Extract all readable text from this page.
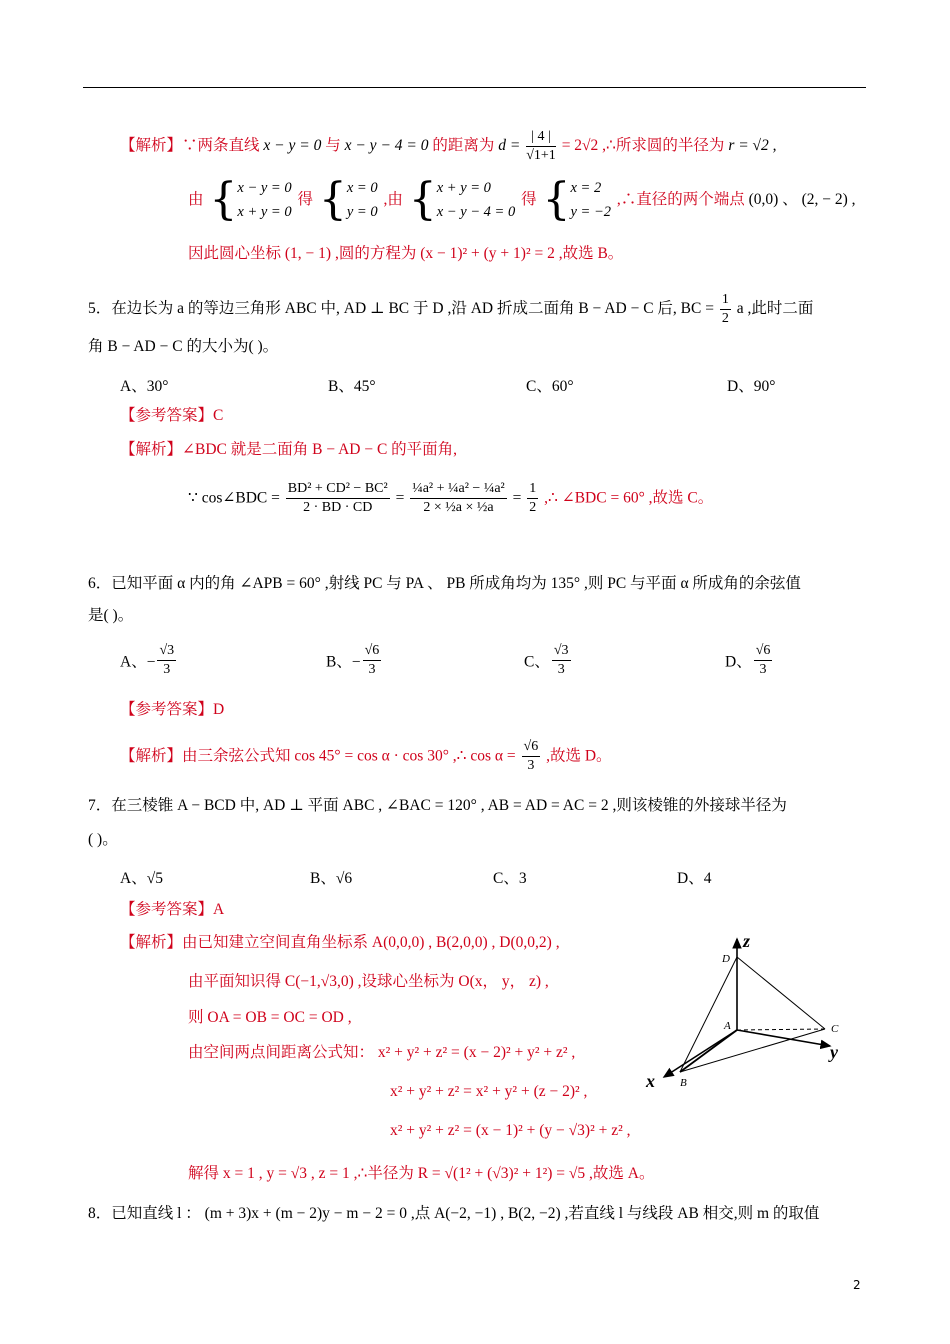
【解析】∵两条直线 x − y = 0 与 x − y − 4 = 0 的距离为 $d = \frac{| 4 |}{√1+1} = 2√2$ ,∴所求圆的半径为 r = √2 ,
由 { x − y = 0
x + y = 0
得 { x = 0
y = 0
,由 { x + y = 0
x − y − 4 = 0
得 { x = 2
y = −2
,∴直径的两个端点 (0,0) 、 (2, − 2) ,
因此圆心坐标 (1, − 1) ,圆的方程为 (x − 1)² + (y + 1)² = 2 ,故选 B。
5．在边长为 a 的等边三角形 ABC 中, AD ⊥ BC 于 D ,沿 AD 折成二面角 B − AD − C 后, BC = $\frac{1}{2}$ a ,此时二面
角 B − AD − C 的大小为( )。
A、30°	B、45°	C、60°	D、90°
【参考答案】C
【解析】∠BDC 就是二面角 B − AD − C 的平面角,
∵ cos∠BDC = $\frac{\text{BD² + CD² − BC²}}{2 \cdot BD \cdot CD} = \frac{\text{¼a² + ¼a² − ¼a²}}{\text{2 × ½a × ½a}} = \frac{1}{2}$ ,∴ ∠BDC = 60° ,故选 C。
6．已知平面 α 内的角 ∠APB = 60° ,射线 PC 与 PA 、 PB 所成角均为 135° ,则 PC 与平面 α 所成角的余弦值
是( )。
A、− $\frac{√3}{3}$	B、− $\frac{√6}{3}$	C、 $\frac{√3}{3}$	D、 $\frac{√6}{3}$
【参考答案】D
【解析】由三余弦公式知 cos 45° = cos α · cos 30° ,∴ $\cos \alpha = \frac{√6}{3}$ ,故选 D。
7．在三棱锥 A − BCD 中, AD ⊥ 平面 ABC , ∠BAC = 120° , AB = AD = AC = 2 ,则该棱锥的外接球半径为
( )。
A、√5	B、√6	C、3	D、4
【参考答案】A
【解析】由已知建立空间直角坐标系 A(0,0,0) , B(2,0,0) , D(0,0,2) ,
由平面知识得 C(−1,√3,0) ,设球心坐标为 O(x， y， z) ,
则 OA = OB = OC = OD ,
由空间两点间距离公式知： x² + y² + z² = (x − 2)² + y² + z² ,
x² + y² + z² = x² + y² + (z − 2)² ,
x² + y² + z² = (x − 1)² + (y − √3)² + z² ,
解得 x = 1 , y = √3 , z = 1 ,∴半径为 R = √(1² + (√3)² + 1²) = √5 ,故选 A。
z
y
x
D
A	C
B
8．已知直线 l ： (m + 3)x + (m − 2)y − m − 2 = 0 ,点 A(−2, −1) , B(2, −2) ,若直线 l 与线段 AB 相交,则 m 的取值
2
